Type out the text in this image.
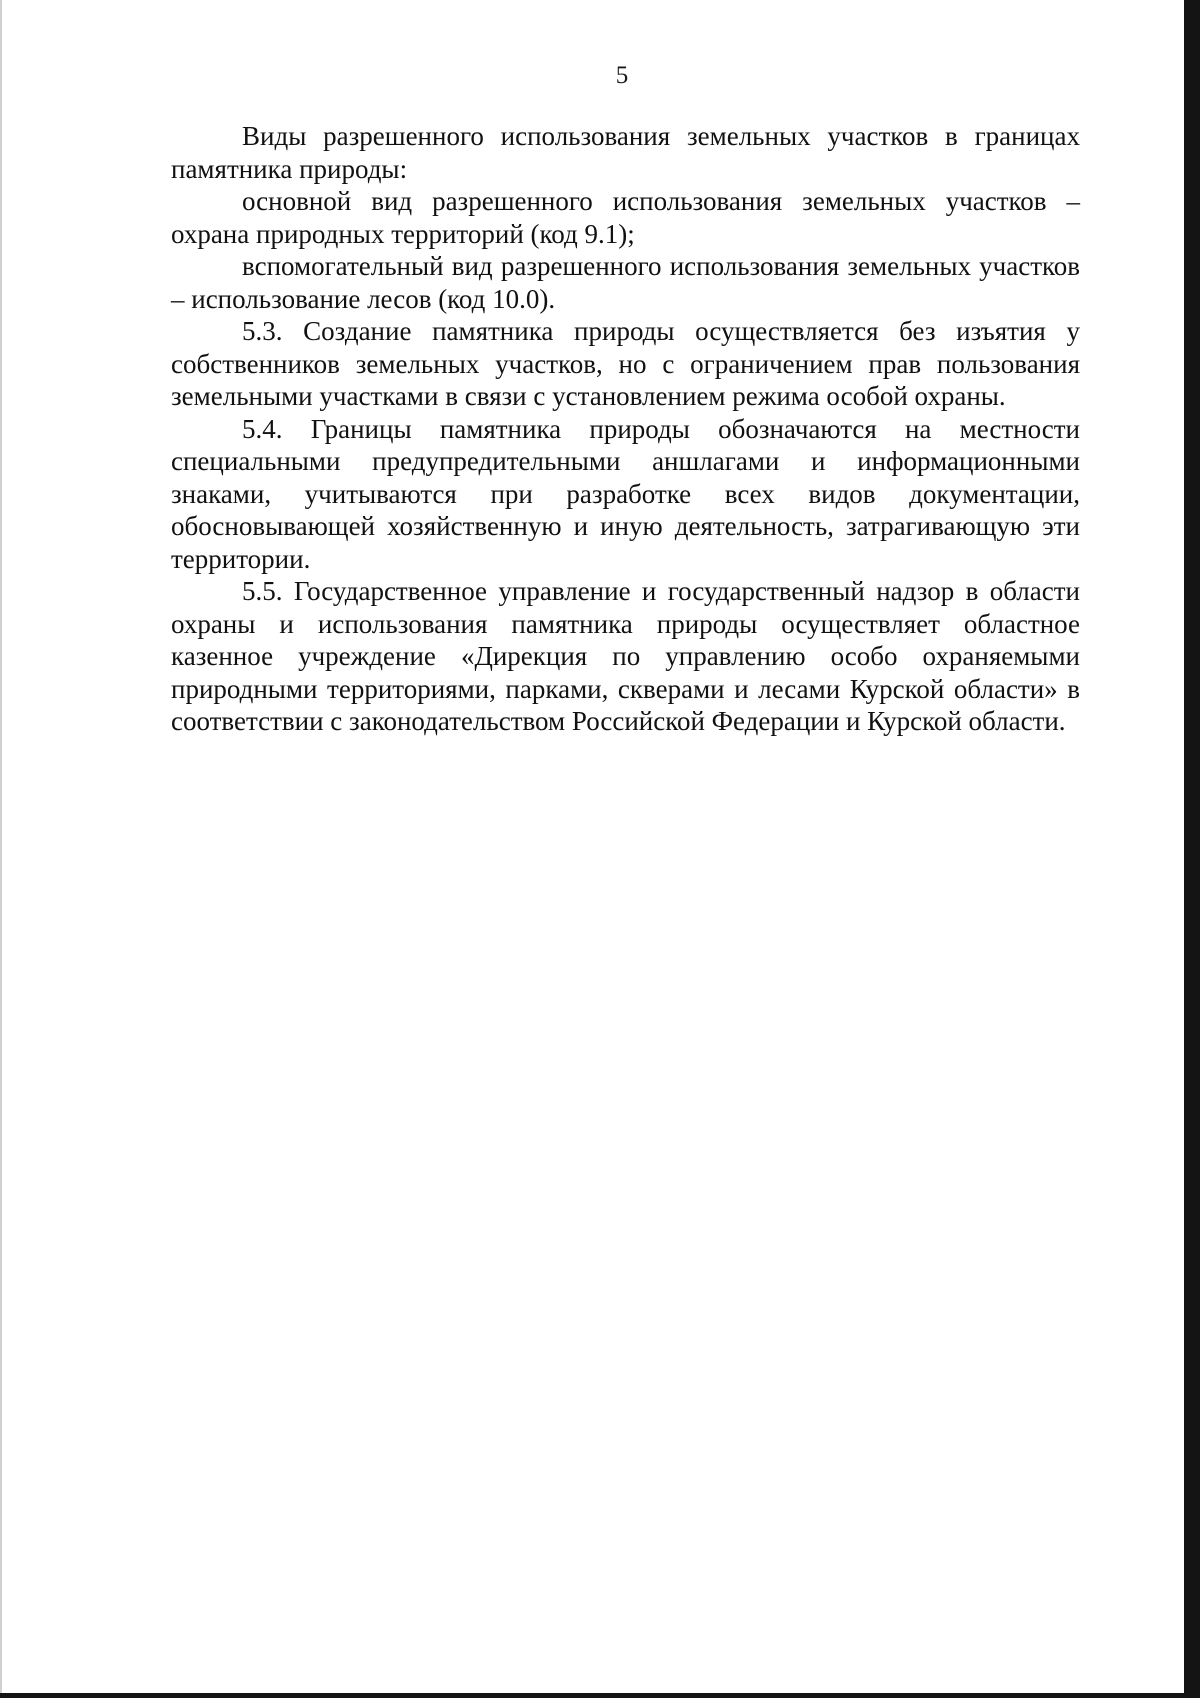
5

Виды разрешенного использования земельных участков в границах памятника природы:

основной вид разрешенного использования земельных участков – охрана природных территорий (код 9.1);

вспомогательный вид разрешенного использования земельных участков – использование лесов (код 10.0).

5.3. Создание памятника природы осуществляется без изъятия у собственников земельных участков, но с ограничением прав пользования земельными участками в связи с установлением режима особой охраны.

5.4. Границы памятника природы обозначаются на местности специальными предупредительными аншлагами и информационными знаками, учитываются при разработке всех видов документации, обосновывающей хозяйственную и иную деятельность, затрагивающую эти территории.

5.5. Государственное управление и государственный надзор в области охраны и использования памятника природы осуществляет областное казенное учреждение «Дирекция по управлению особо охраняемыми природными территориями, парками, скверами и лесами Курской области» в соответствии с законодательством Российской Федерации и Курской области.
